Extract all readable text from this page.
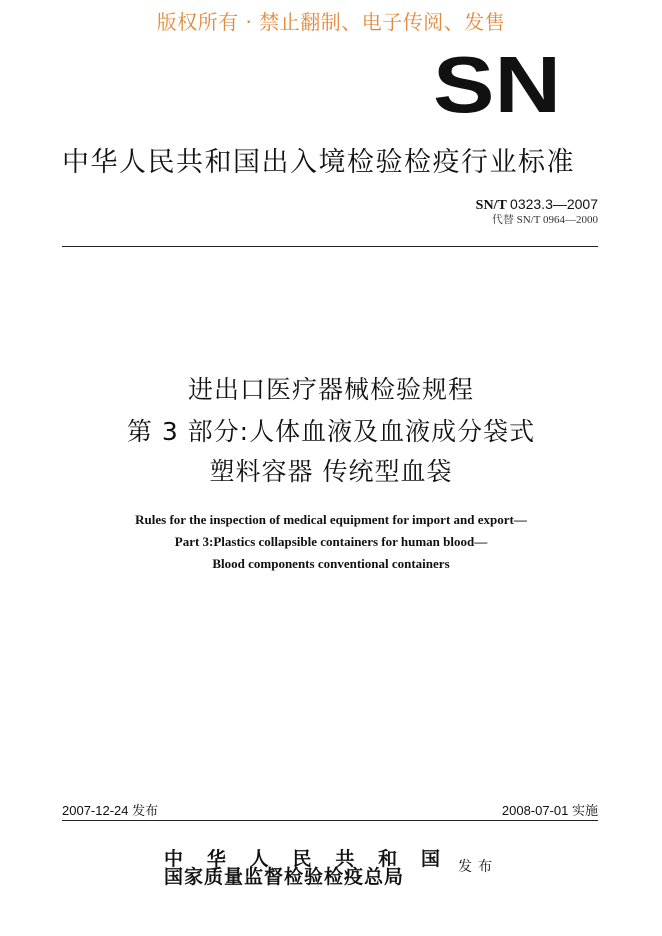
版权所有 · 禁止翻制、电子传阅、发售
SN
中华人民共和国出入境检验检疫行业标准
SN/T 0323.3—2007
代替 SN/T 0964—2000
进出口医疗器械检验规程
第 3 部分:人体血液及血液成分袋式
塑料容器 传统型血袋
Rules for the inspection of medical equipment for import and export—
Part 3:Plastics collapsible containers for human blood—
Blood components conventional containers
2007-12-24 发布	2008-07-01 实施
中 华 人 民 共 和 国
国家质量监督检验检疫总局	发布
